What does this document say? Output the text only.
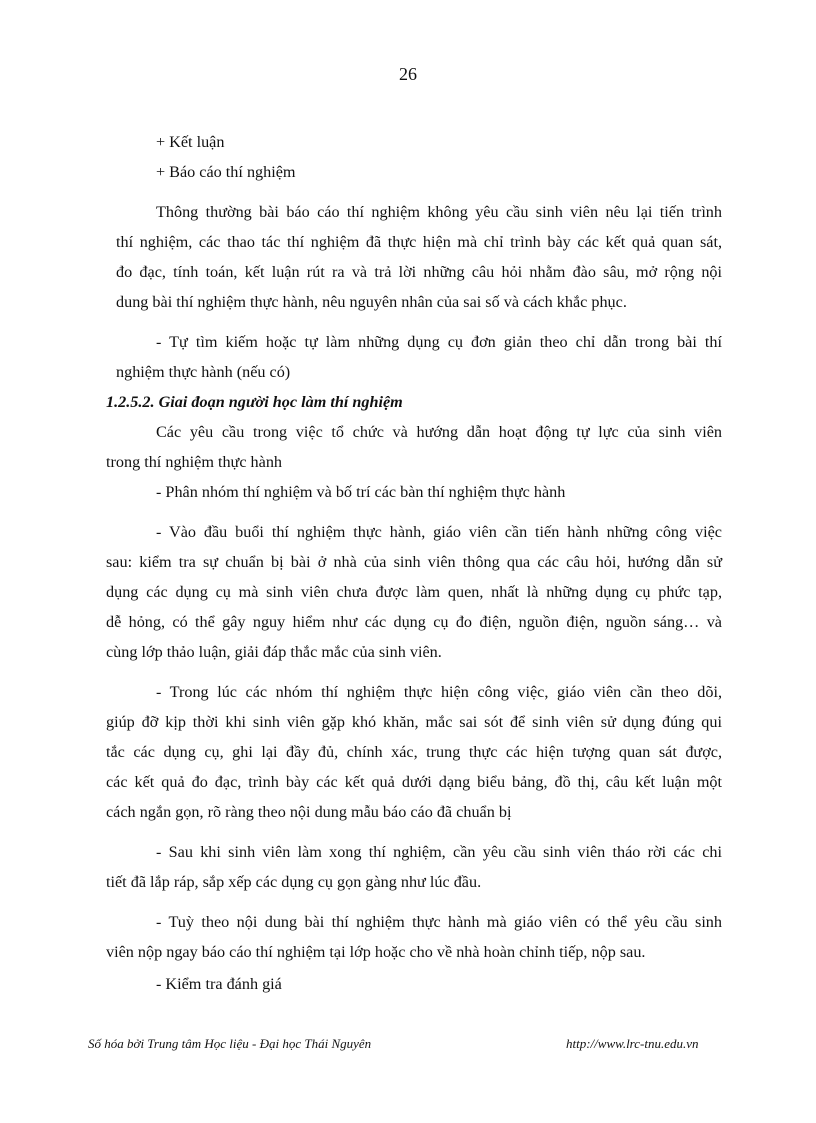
26
+ Kết luận
+ Báo cáo thí nghiệm
Thông thường bài báo cáo thí nghiệm không yêu cầu sinh viên nêu lại tiến trình
thí nghiệm, các thao tác thí nghiệm đã thực hiện mà chỉ trình bày các kết quả quan sát,
đo đạc, tính toán, kết luận rút ra và trả lời những câu hỏi nhằm đào sâu, mở rộng nội
dung bài thí nghiệm thực hành, nêu nguyên nhân của sai số và cách khắc phục.
- Tự tìm kiếm hoặc tự làm những dụng cụ đơn giản theo chỉ dẫn trong bài thí
nghiệm thực hành (nếu có)
1.2.5.2. Giai đoạn người học làm thí nghiệm
Các yêu cầu trong việc tổ chức và hướng dẫn hoạt động tự lực của sinh viên
trong thí nghiệm thực hành
- Phân nhóm thí nghiệm và bố trí các bàn thí nghiệm thực hành
- Vào đầu buổi thí nghiệm thực hành, giáo viên cần tiến hành những công việc
sau: kiểm tra sự chuẩn bị bài ở nhà của sinh viên thông qua các câu hỏi, hướng dẫn sử
dụng các dụng cụ mà sinh viên chưa được làm quen, nhất là những dụng cụ phức tạp,
dễ hỏng, có thể gây nguy hiểm như các dụng cụ đo điện, nguồn điện, nguồn sáng… và
cùng lớp thảo luận, giải đáp thắc mắc của sinh viên.
- Trong lúc các nhóm thí nghiệm thực hiện công việc, giáo viên cần theo dõi,
giúp đỡ kịp thời khi sinh viên gặp khó khăn, mắc sai sót để sinh viên sử dụng đúng qui
tắc các dụng cụ, ghi lại đầy đủ, chính xác, trung thực các hiện tượng quan sát được,
các kết quả đo đạc, trình bày các kết quả dưới dạng biểu bảng, đồ thị, câu kết luận một
cách ngắn gọn, rõ ràng theo nội dung mẫu báo cáo đã chuẩn bị
- Sau khi sinh viên làm xong thí nghiệm, cần yêu cầu sinh viên tháo rời các chi
tiết đã lắp ráp, sắp xếp các dụng cụ gọn gàng như lúc đầu.
- Tuỳ theo nội dung bài thí nghiệm thực hành mà giáo viên có thể yêu cầu sinh
viên nộp ngay báo cáo thí nghiệm tại lớp hoặc cho về nhà hoàn chỉnh tiếp, nộp sau.
- Kiểm tra đánh giá
Số hóa bởi Trung tâm Học liệu - Đại học Thái Nguyên	http://www.lrc-tnu.edu.vn
